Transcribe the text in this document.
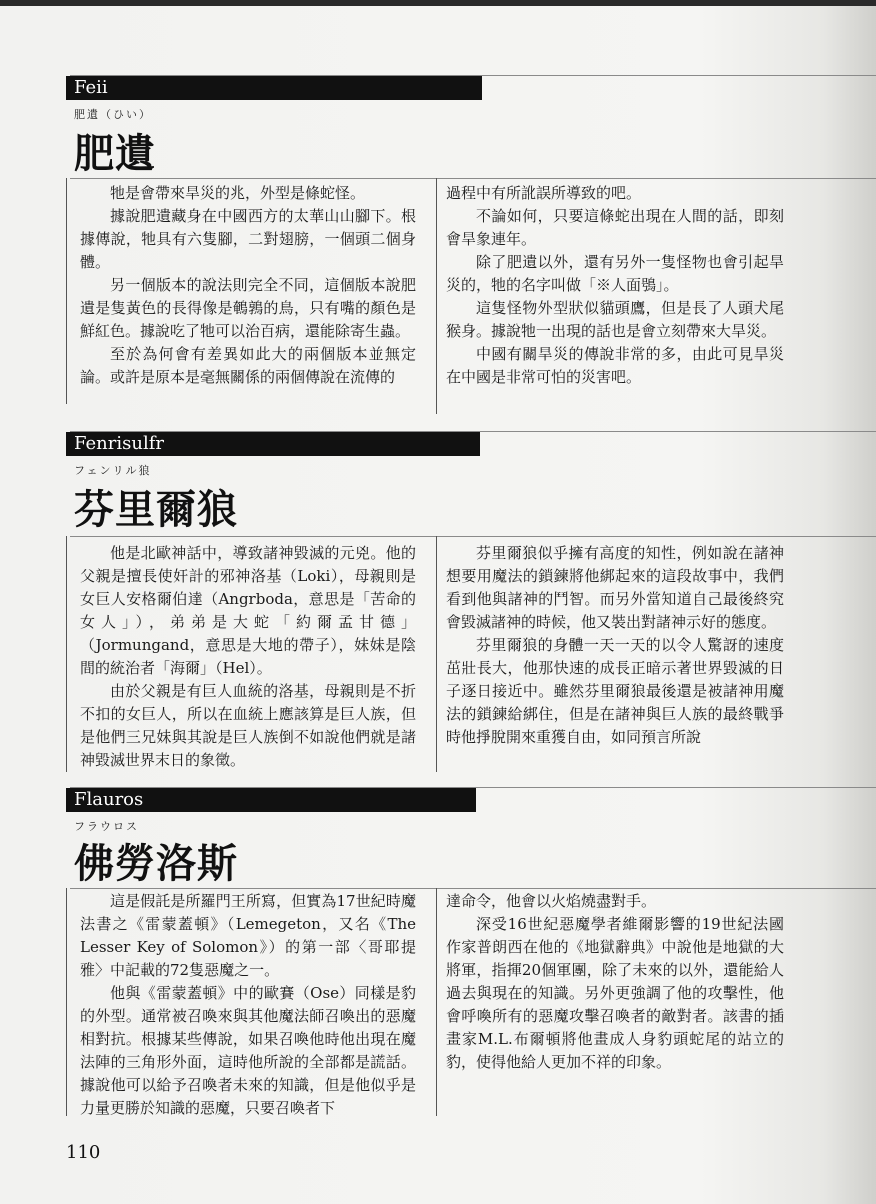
Feii
肥遺（ひい）
肥遺

牠是會帶來旱災的兆，外型是條蛇怪。

據說肥遺藏身在中國西方的太華山山腳下。根據傳說，牠具有六隻腳，二對翅膀，一個頭二個身體。

另一個版本的說法則完全不同，這個版本說肥遺是隻黃色的長得像是鵪鶉的鳥，只有嘴的顏色是鮮紅色。據說吃了牠可以治百病，還能除寄生蟲。

至於為何會有差異如此大的兩個版本並無定論。或許是原本是毫無關係的兩個傳說在流傳的

過程中有所訛誤所導致的吧。

不論如何，只要這條蛇出現在人間的話，即刻會旱象連年。

除了肥遺以外，還有另外一隻怪物也會引起旱災的，牠的名字叫做「※人面鴞」。

這隻怪物外型狀似貓頭鷹，但是長了人頭犬尾猴身。據說牠一出現的話也是會立刻帶來大旱災。

中國有關旱災的傳說非常的多，由此可見旱災在中國是非常可怕的災害吧。

Fenrisulfr
フェンリル狼
芬里爾狼

他是北歐神話中，導致諸神毀滅的元兇。他的父親是擅長使奸計的邪神洛基（Loki），母親則是女巨人安格爾伯達（Angrboda，意思是「苦命的女人」），弟弟是大蛇「約爾孟甘德」（Jormungand，意思是大地的帶子），妹妹是陰間的統治者「海爾」（Hel）。

由於父親是有巨人血統的洛基，母親則是不折不扣的女巨人，所以在血統上應該算是巨人族，但是他們三兄妹與其說是巨人族倒不如說他們就是諸神毀滅世界末日的象徵。

芬里爾狼似乎擁有高度的知性，例如說在諸神想要用魔法的鎖鍊將他綁起來的這段故事中，我們看到他與諸神的鬥智。而另外當知道自己最後終究會毀滅諸神的時候，他又裝出對諸神示好的態度。

芬里爾狼的身體一天一天的以令人驚訝的速度茁壯長大，他那快速的成長正暗示著世界毀滅的日子逐日接近中。雖然芬里爾狼最後還是被諸神用魔法的鎖鍊給綁住，但是在諸神與巨人族的最終戰爭時他掙脫開來重獲自由，如同預言所說

Flauros
フラウロス
佛勞洛斯

這是假託是所羅門王所寫，但實為17世紀時魔法書之《雷蒙蓋頓》（Lemegeton，又名《The Lesser Key of Solomon》）的第一部〈哥耶提雅〉中記載的72隻惡魔之一。

他與《雷蒙蓋頓》中的歐賽（Ose）同樣是豹的外型。通常被召喚來與其他魔法師召喚出的惡魔相對抗。根據某些傳說，如果召喚他時他出現在魔法陣的三角形外面，這時他所說的全部都是謊話。據說他可以給予召喚者未來的知識，但是他似乎是力量更勝於知識的惡魔，只要召喚者下

達命令，他會以火焰燒盡對手。

深受16世紀惡魔學者維爾影響的19世紀法國作家普朗西在他的《地獄辭典》中說他是地獄的大將軍，指揮20個軍團，除了未來的以外，還能給人過去與現在的知識。另外更強調了他的攻擊性，他會呼喚所有的惡魔攻擊召喚者的敵對者。該書的插畫家M.L.布爾頓將他畫成人身豹頭蛇尾的站立的豹，使得他給人更加不祥的印象。

110
